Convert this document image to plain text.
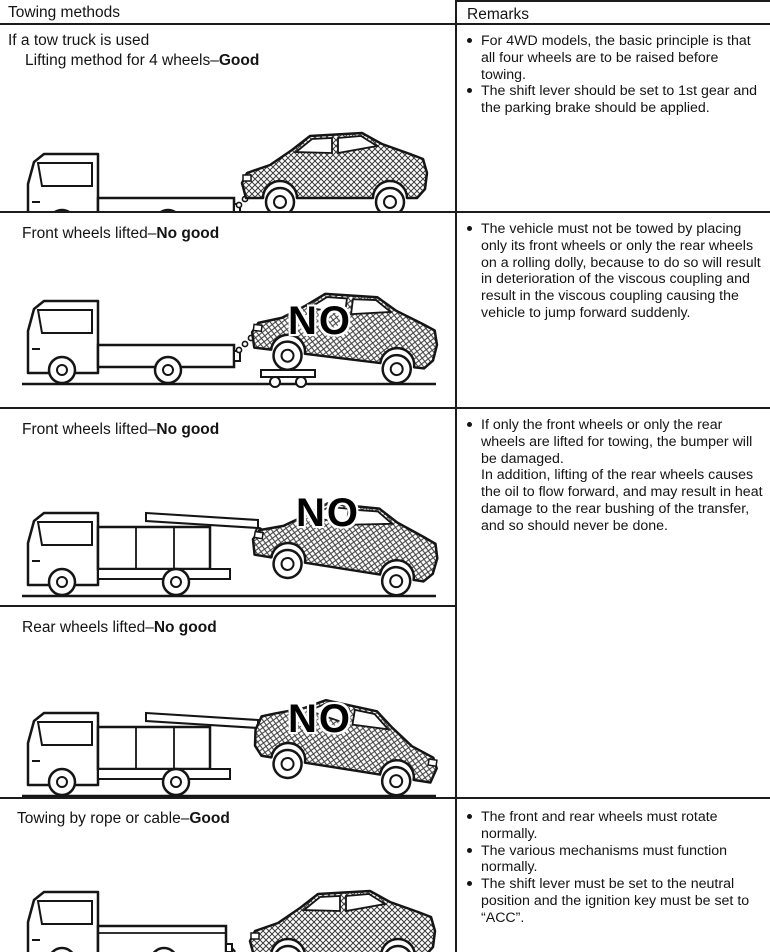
Towing methods	Remarks
If a tow truck is used
Lifting method for 4 wheels–Good
For 4WD models, the basic principle is that all four wheels are to be raised before towing.
The shift lever should be set to 1st gear and the parking brake should be applied.
Front wheels lifted–No good
NO
The vehicle must not be towed by placing only its front wheels or only the rear wheels on a rolling dolly, because to do so will result in deterioration of the viscous coupling and result in the viscous coupling causing the vehicle to jump forward suddenly.
Front wheels lifted–No good
NO
If only the front wheels or only the rear wheels are lifted for towing, the bumper will be damaged.
In addition, lifting of the rear wheels causes the oil to flow forward, and may result in heat damage to the rear bushing of the transfer, and so should never be done.
Rear wheels lifted–No good
NO
Towing by rope or cable–Good	The front and rear wheels must rotate normally.
The various mechanisms must function normally.
The shift lever must be set to the neutral position and the ignition key must be set to “ACC”.
